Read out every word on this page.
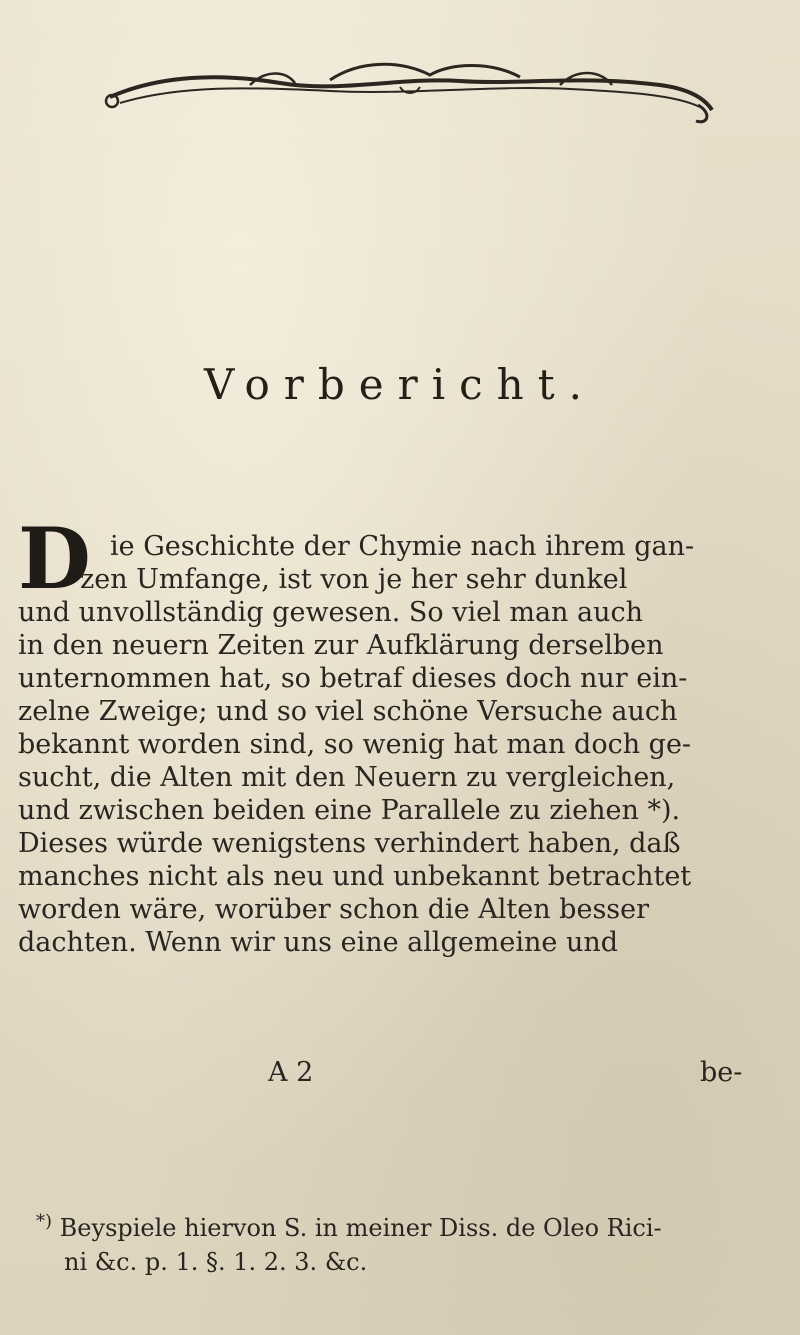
Vorbericht.
D ie Geschichte der Chymie nach ihrem gan-
zen Umfange, ist von je her sehr dunkel
und unvollständig gewesen. So viel man auch
in den neuern Zeiten zur Aufklärung derselben
unternommen hat, so betraf dieses doch nur ein-
zelne Zweige; und so viel schöne Versuche auch
bekannt worden sind, so wenig hat man doch ge-
sucht, die Alten mit den Neuern zu vergleichen,
und zwischen beiden eine Parallele zu ziehen *).
Dieses würde wenigstens verhindert haben, daß
manches nicht als neu und unbekannt betrachtet
worden wäre, worüber schon die Alten besser
dachten. Wenn wir uns eine allgemeine und
A 2	be-
*) Beyspiele hiervon S. in meiner Diss. de Oleo Rici-
ni &c. p. 1. §. 1. 2. 3. &c.
